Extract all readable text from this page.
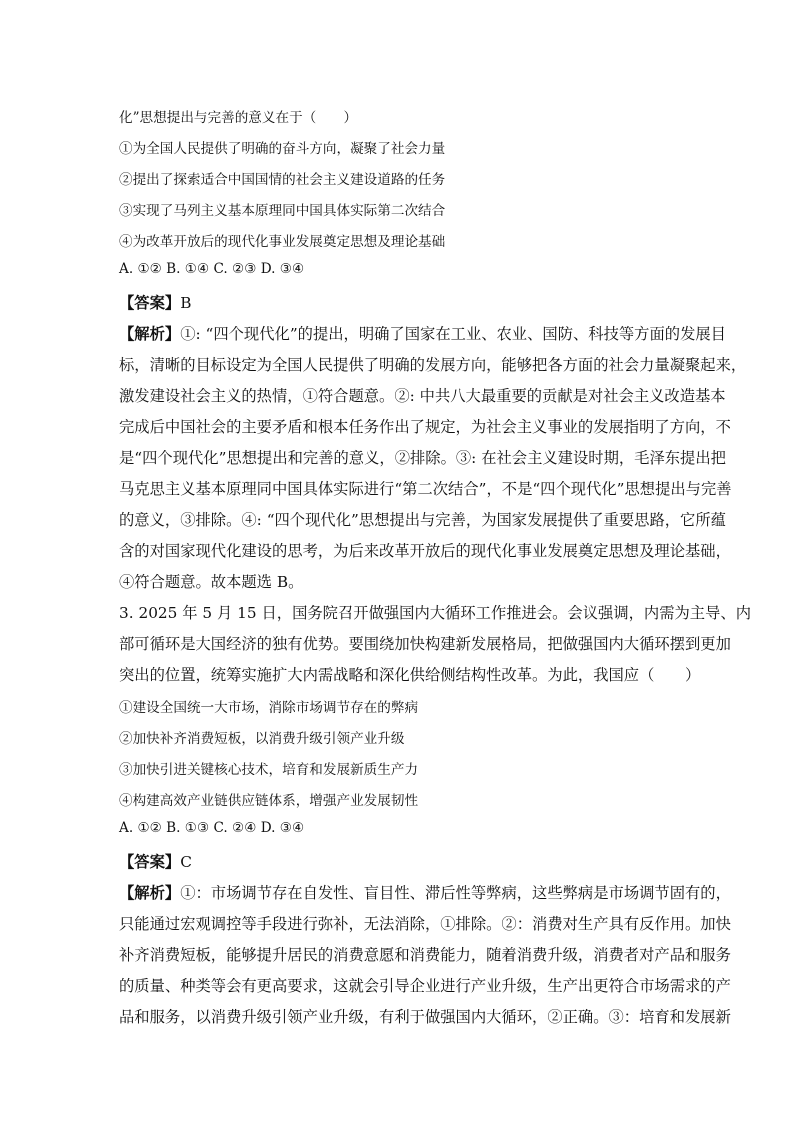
化”思想提出与完善的意义在于（　　）
①为全国人民提供了明确的奋斗方向，凝聚了社会力量
②提出了探索适合中国国情的社会主义建设道路的任务
③实现了马列主义基本原理同中国具体实际第二次结合
④为改革开放后的现代化事业发展奠定思想及理论基础
A. ①② B. ①④ C. ②③ D. ③④
【答案】B
【解析】①: “四个现代化”的提出，明确了国家在工业、农业、国防、科技等方面的发展目
标，清晰的目标设定为全国人民提供了明确的发展方向，能够把各方面的社会力量凝聚起来，
激发建设社会主义的热情，①符合题意。②: 中共八大最重要的贡献是对社会主义改造基本
完成后中国社会的主要矛盾和根本任务作出了规定，为社会主义事业的发展指明了方向，不
是“四个现代化”思想提出和完善的意义，②排除。③: 在社会主义建设时期，毛泽东提出把
马克思主义基本原理同中国具体实际进行“第二次结合”，不是“四个现代化”思想提出与完善
的意义，③排除。④: “四个现代化”思想提出与完善，为国家发展提供了重要思路，它所蕴
含的对国家现代化建设的思考，为后来改革开放后的现代化事业发展奠定思想及理论基础，
④符合题意。故本题选 B。
3. 2025 年 5 月 15 日，国务院召开做强国内大循环工作推进会。会议强调，内需为主导、内
部可循环是大国经济的独有优势。要围绕加快构建新发展格局，把做强国内大循环摆到更加
突出的位置，统筹实施扩大内需战略和深化供给侧结构性改革。为此，我国应（　　）
①建设全国统一大市场，消除市场调节存在的弊病
②加快补齐消费短板，以消费升级引领产业升级
③加快引进关键核心技术，培育和发展新质生产力
④构建高效产业链供应链体系，增强产业发展韧性
A. ①② B. ①③ C. ②④ D. ③④
【答案】C
【解析】①：市场调节存在自发性、盲目性、滞后性等弊病，这些弊病是市场调节固有的，
只能通过宏观调控等手段进行弥补，无法消除，①排除。②：消费对生产具有反作用。加快
补齐消费短板，能够提升居民的消费意愿和消费能力，随着消费升级，消费者对产品和服务
的质量、种类等会有更高要求，这就会引导企业进行产业升级，生产出更符合市场需求的产
品和服务，以消费升级引领产业升级，有利于做强国内大循环，②正确。③：培育和发展新
